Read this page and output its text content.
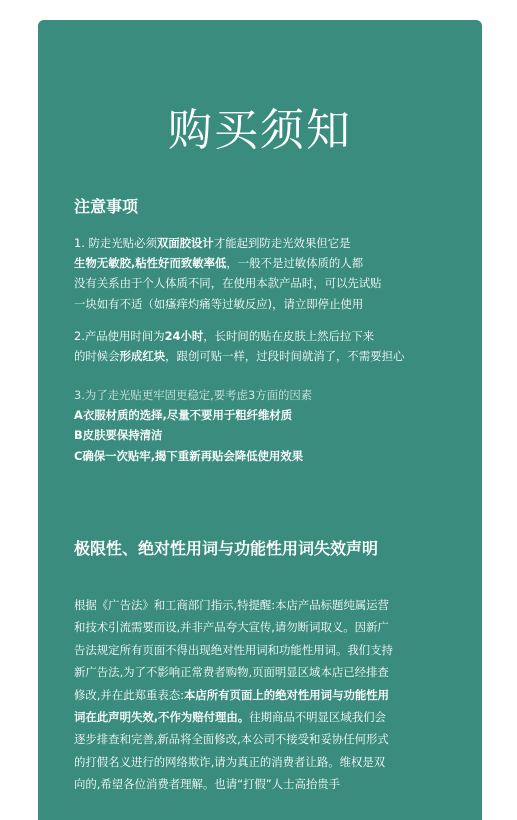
购买须知
注意事项
1. 防走光贴必须双面胶设计才能起到防走光效果但它是
生物无敏胶,粘性好而致敏率低，一般不是过敏体质的人都
没有关系由于个人体质不同，在使用本款产品时，可以先试贴
一块如有不适（如瘙痒灼痛等过敏反应)，请立即停止使用
2.产品使用时间为24小时，长时间的贴在皮肤上然后拉下来
的时候会形成红块，跟创可贴一样，过段时间就消了，不需要担心
3.为了走光贴更牢固更稳定,要考虑3方面的因素
A衣服材质的选择,尽量不要用于粗纤维材质
B皮肤要保持清洁
C确保一次贴牢,揭下重新再贴会降低使用效果
极限性、绝对性用词与功能性用词失效声明
根据《广告法》和工商部门指示,特提醒:本店产品标题纯属运营
和技术引流需要而设,并非产品夸大宣传,请勿断词取义。因新广
告法规定所有页面不得出现绝对性用词和功能性用词。我们支持
新广告法,为了不影响正常费者购物,页面明显区域本店已经排查
修改,并在此郑重表态:本店所有页面上的绝对性用词与功能性用
词在此声明失效,不作为赔付理由。往期商品不明显区域我们会
逐步排查和完善,新品将全面修改,本公司不接受和妥协任何形式
的打假名义进行的网络欺诈,请为真正的消费者让路。维权是双
向的,希望各位消费者理解。也请“打假”人士高抬贵手
